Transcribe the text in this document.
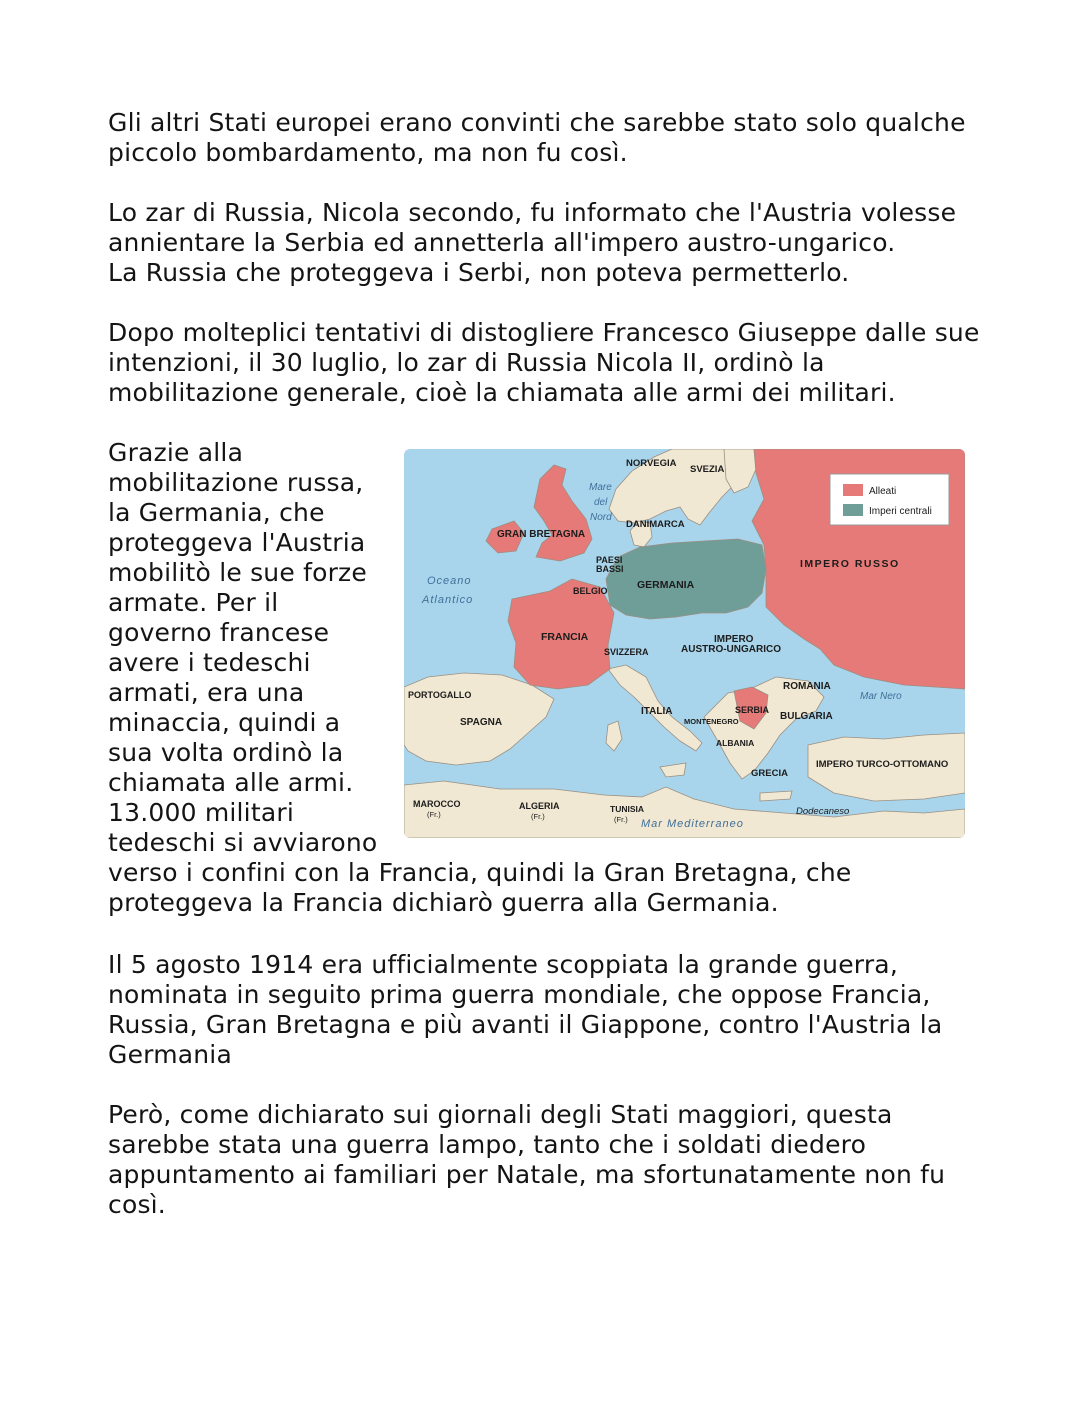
Gli altri Stati europei erano convinti che sarebbe stato solo qualche
piccolo bombardamento, ma non fu così.

Lo zar di Russia, Nicola secondo, fu informato che l'Austria volesse
annientare la Serbia ed annetterla all'impero austro-ungarico.
La Russia che proteggeva i Serbi, non poteva permetterlo.

Dopo molteplici tentativi di distogliere Francesco Giuseppe dalle sue
intenzioni, il 30 luglio, lo zar di Russia Nicola II, ordinò la
mobilitazione generale, cioè la chiamata alle armi dei militari.

Grazie alla
mobilitazione russa,
la Germania, che
proteggeva l'Austria
mobilitò le sue forze
armate. Per il
governo francese
avere i tedeschi
armati, era una
minaccia, quindi a
sua volta ordinò la
chiamata alle armi.
13.000 militari
tedeschi si avviarono
verso i confini con la Francia, quindi la Gran Bretagna, che
proteggeva la Francia dichiarò guerra alla Germania.

Il 5 agosto 1914 era ufficialmente scoppiata la grande guerra,
nominata in seguito prima guerra mondiale, che oppose Francia,
Russia, Gran Bretagna e più avanti il Giappone, contro l'Austria la
Germania

Però, come dichiarato sui giornali degli Stati maggiori, questa
sarebbe stata una guerra lampo, tanto che i soldati diedero
appuntamento ai familiari per Natale, ma sfortunatamente non fu
così.

Alleati
Imperi centrali
NORVEGIA
SVEZIA
DANIMARCA
GRAN BRETAGNA
PAESI
BASSI
BELGIO	GERMANIA
IMPERO RUSSO
FRANCIA
SVIZZERA
IMPERO
AUSTRO-UNGARICO
PORTOGALLO
SPAGNA
ITALIA
MONTENEGRO
SERBIA
ROMANIA
BULGARIA
ALBANIA
GRECIA
IMPERO TURCO-OTTOMANO
MAROCCO
(Fr.)
ALGERIA
(Fr.)
TUNISIA
(Fr.)
Mare
del
Nord
Oceano
Atlantico
Mar Nero
Mar Mediterraneo
Dodecaneso
